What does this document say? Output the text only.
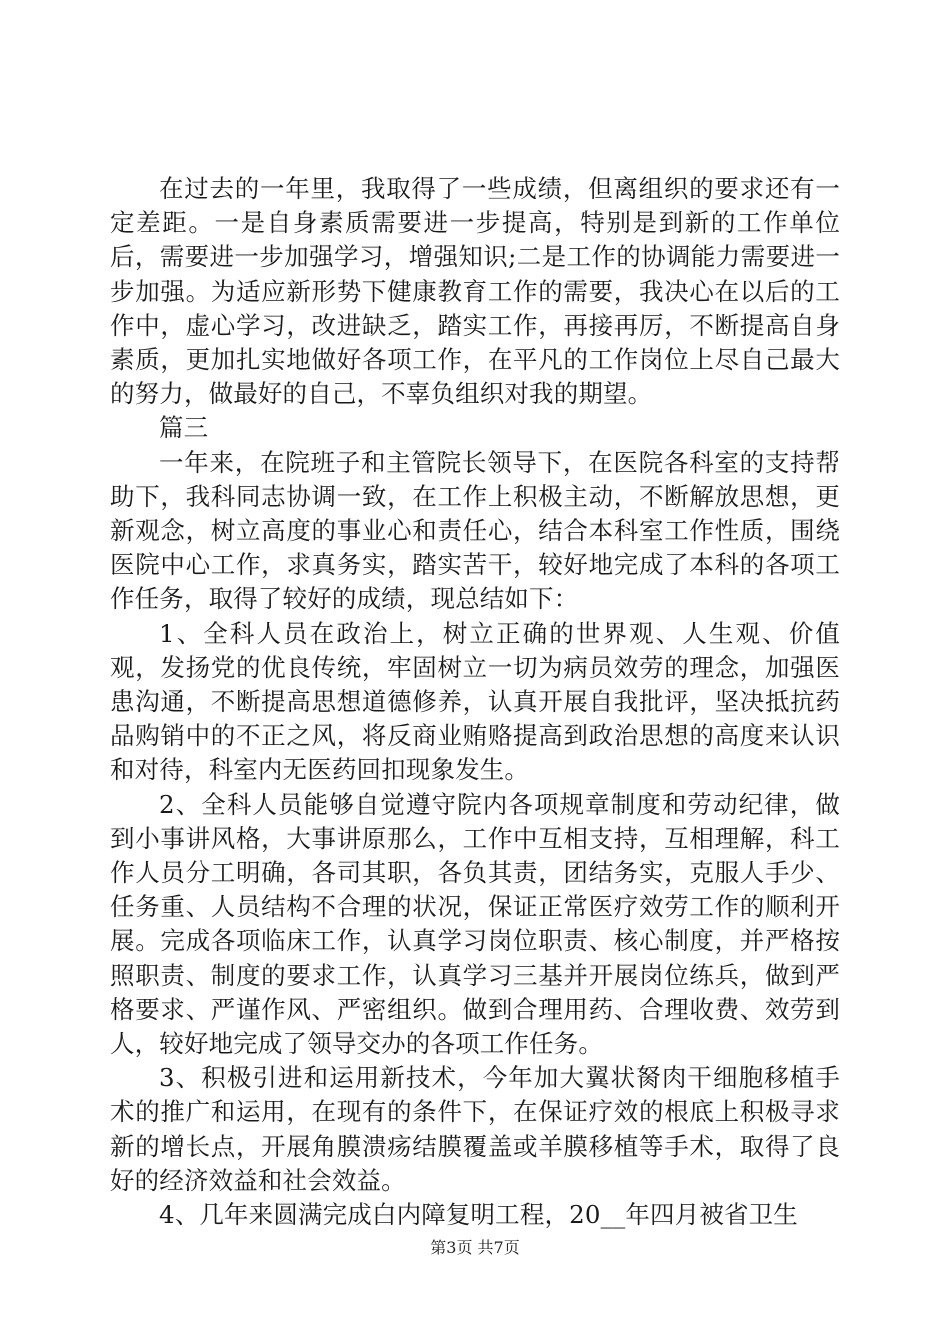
在过去的一年里，我取得了一些成绩，但离组织的要求还有一定差距。一是自身素质需要进一步提高，特别是到新的工作单位后，需要进一步加强学习，增强知识;二是工作的协调能力需要进一步加强。为适应新形势下健康教育工作的需要，我决心在以后的工作中，虚心学习，改进缺乏，踏实工作，再接再厉，不断提高自身素质，更加扎实地做好各项工作，在平凡的工作岗位上尽自己最大的努力，做最好的自己，不辜负组织对我的期望。

篇三

一年来，在院班子和主管院长领导下，在医院各科室的支持帮助下，我科同志协调一致，在工作上积极主动，不断解放思想，更新观念，树立高度的事业心和责任心，结合本科室工作性质，围绕医院中心工作，求真务实，踏实苦干，较好地完成了本科的各项工作任务，取得了较好的成绩，现总结如下：

1、全科人员在政治上，树立正确的世界观、人生观、价值观，发扬党的优良传统，牢固树立一切为病员效劳的理念，加强医患沟通，不断提高思想道德修养，认真开展自我批评，坚决抵抗药品购销中的不正之风，将反商业贿赂提高到政治思想的高度来认识和对待，科室内无医药回扣现象发生。

2、全科人员能够自觉遵守院内各项规章制度和劳动纪律，做到小事讲风格，大事讲原那么，工作中互相支持，互相理解，科工作人员分工明确，各司其职，各负其责，团结务实，克服人手少、任务重、人员结构不合理的状况，保证正常医疗效劳工作的顺利开展。完成各项临床工作，认真学习岗位职责、核心制度，并严格按照职责、制度的要求工作，认真学习三基并开展岗位练兵，做到严格要求、严谨作风、严密组织。做到合理用药、合理收费、效劳到人，较好地完成了领导交办的各项工作任务。

3、积极引进和运用新技术，今年加大翼状胬肉干细胞移植手术的推广和运用，在现有的条件下，在保证疗效的根底上积极寻求新的增长点，开展角膜溃疡结膜覆盖或羊膜移植等手术，取得了良好的经济效益和社会效益。

4、几年来圆满完成白内障复明工程，20__年四月被省卫生

第3页 共7页
